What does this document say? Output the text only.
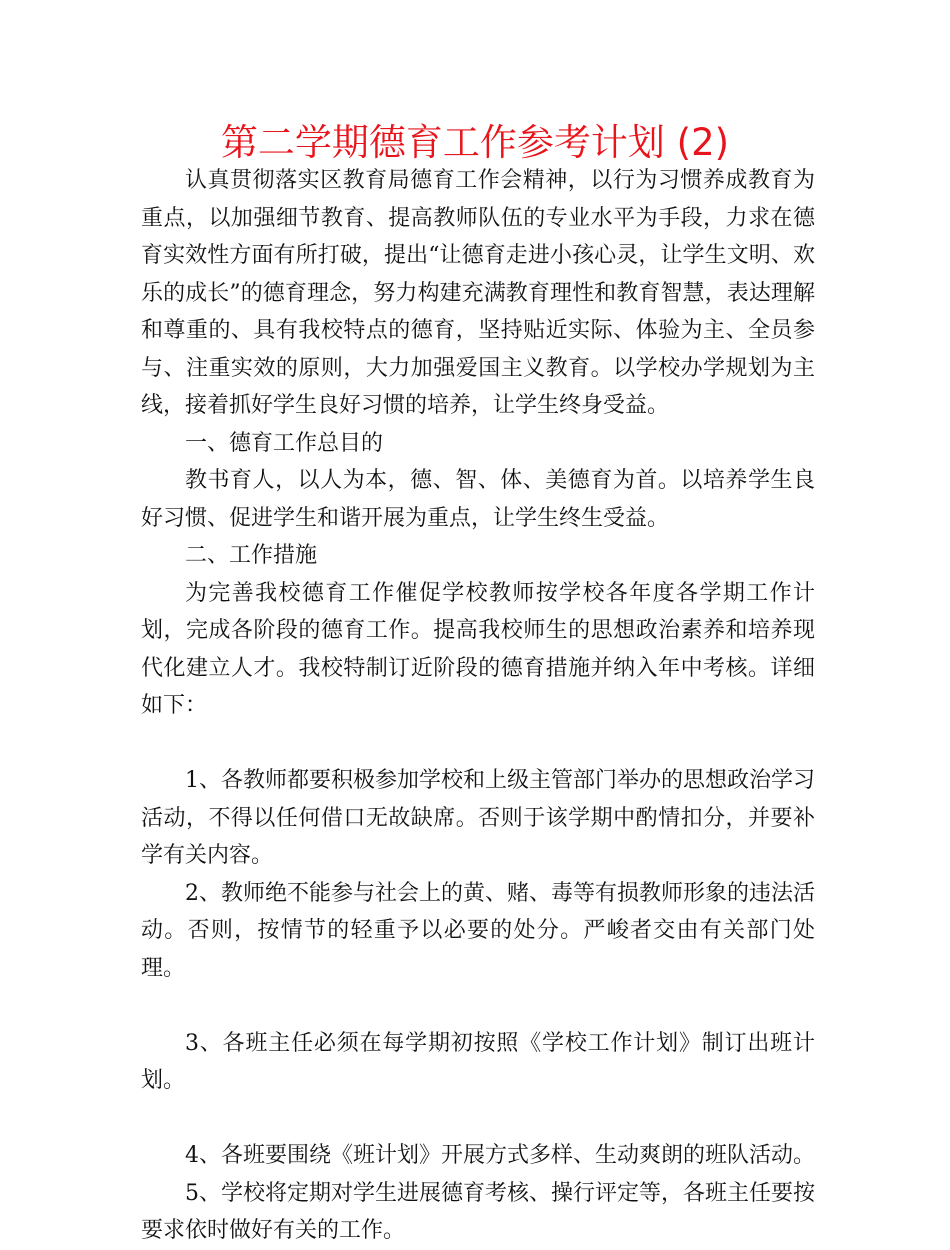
第二学期德育工作参考计划 (2)

认真贯彻落实区教育局德育工作会精神，以行为习惯养成教育为重点，以加强细节教育、提高教师队伍的专业水平为手段，力求在德育实效性方面有所打破，提出“让德育走进小孩心灵，让学生文明、欢乐的成长”的德育理念，努力构建充满教育理性和教育智慧，表达理解和尊重的、具有我校特点的德育，坚持贴近实际、体验为主、全员参与、注重实效的原则，大力加强爱国主义教育。以学校办学规划为主线，接着抓好学生良好习惯的培养，让学生终身受益。

一、德育工作总目的

教书育人，以人为本，德、智、体、美德育为首。以培养学生良好习惯、促进学生和谐开展为重点，让学生终生受益。

二、工作措施

为完善我校德育工作催促学校教师按学校各年度各学期工作计划，完成各阶段的德育工作。提高我校师生的思想政治素养和培养现代化建立人才。我校特制订近阶段的德育措施并纳入年中考核。详细如下：

1、各教师都要积极参加学校和上级主管部门举办的思想政治学习活动，不得以任何借口无故缺席。否则于该学期中酌情扣分，并要补学有关内容。

2、教师绝不能参与社会上的黄、赌、毒等有损教师形象的违法活动。否则，按情节的轻重予以必要的处分。严峻者交由有关部门处理。

3、各班主任必须在每学期初按照《学校工作计划》制订出班计划。

4、各班要围绕《班计划》开展方式多样、生动爽朗的班队活动。

5、学校将定期对学生进展德育考核、操行评定等，各班主任要按要求依时做好有关的工作。
